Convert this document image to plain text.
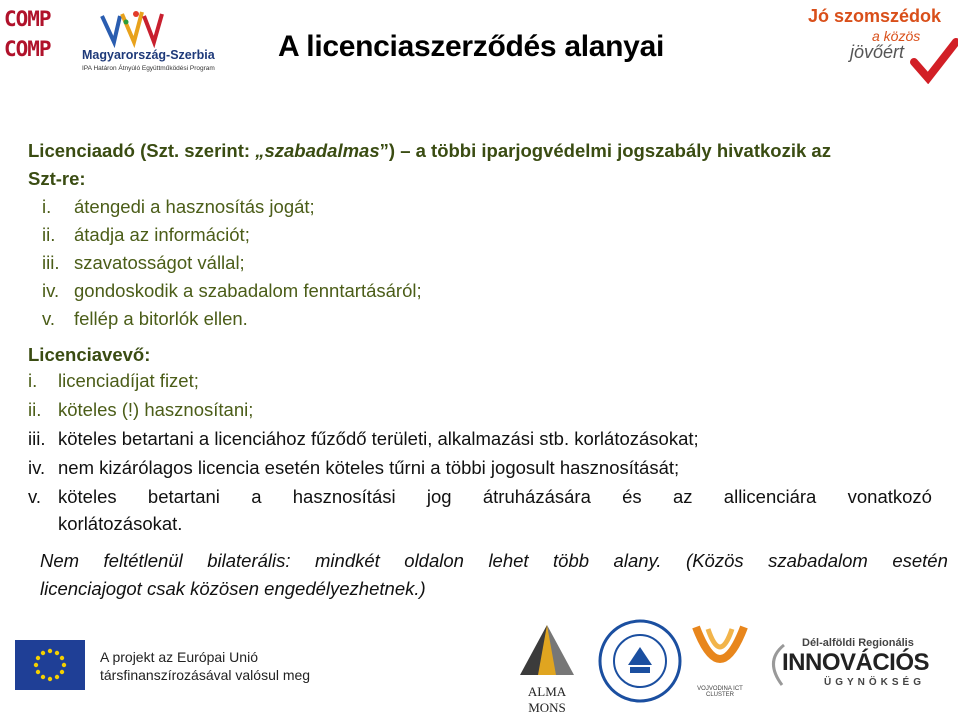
COMP
COMP	Magyarország-Szerbia
IPA Határon Átnyúló Együttműködési Program
A licenciaszerződés alanyai
Jó szomszédok
a közös
jövőért
Licenciaadó (Szt. szerint: „szabadalmas”) – a többi iparjogvédelmi jogszabály hivatkozik az
Szt-re:
i. átengedi a hasznosítás jogát;
ii. átadja az információt;
iii. szavatosságot vállal;
iv. gondoskodik a szabadalom fenntartásáról;
v. fellép a bitorlók ellen.
Licenciavevő:
i. licenciadíjat fizet;
ii. köteles (!) hasznosítani;
iii. köteles betartani a licenciához fűződő területi, alkalmazási stb. korlátozásokat;
iv. nem kizárólagos licencia esetén köteles tűrni a többi jogosult hasznosítását;
v. köteles betartani a hasznosítási jog átruházására és az allicenciára vonatkozó
korlátozásokat.
Nem feltétlenül bilaterális: mindkét oldalon lehet több alany. (Közös szabadalom esetén
licenciajogot csak közösen engedélyezhetnek.)
A projekt az Európai Unió
társfinanszírozásával valósul meg
ALMA MONS
VOJVODINA ICT CLUSTER
Dél-alföldi Regionális
INNOVÁCIÓS
ÜGYNÖKSÉG
